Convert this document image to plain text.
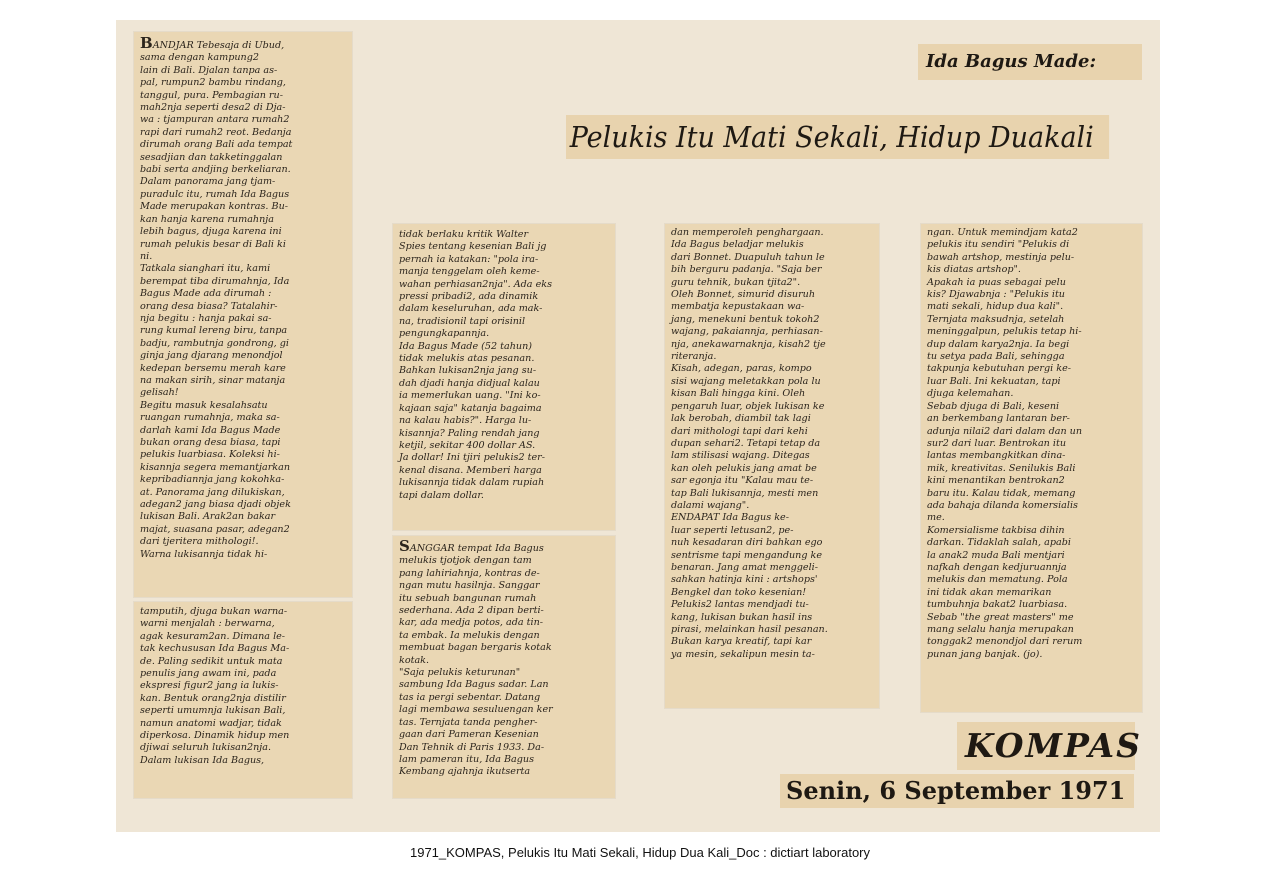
Ida Bagus Made:
Pelukis Itu Mati Sekali, Hidup Duakali
BANDJAR Tebesaja di Ubud,
sama dengan kampung2
lain di Bali. Djalan tanpa as-
pal, rumpun2 bambu rindang,
tanggul, pura. Pembagian ru-
mah2nja seperti desa2 di Dja-
wa : tjampuran antara rumah2
rapi dari rumah2 reot. Bedanja
dirumah orang Bali ada tempat
sesadjian dan takketinggalan
babi serta andjing berkeliaran.
Dalam panorama jang tjam-
puradulc itu, rumah Ida Bagus
Made merupakan kontras. Bu-
kan hanja karena rumahnja
lebih bagus, djuga karena ini
rumah pelukis besar di Bali ki
ni.
Tatkala sianghari itu, kami
berempat tiba dirumahnja, Ida
Bagus Made ada dirumah :
orang desa biasa? Tatalahir-
nja begitu : hanja pakai sa-
rung kumal lereng biru, tanpa
badju, rambutnja gondrong, gi
ginja jang djarang menondjol
kedepan bersemu merah kare
na makan sirih, sinar matanja
gelisah!
Begitu masuk kesalahsatu
ruangan rumahnja, maka sa-
darlah kami Ida Bagus Made
bukan orang desa biasa, tapi
pelukis luarbiasa. Koleksi hi-
kisannja segera memantjarkan
kepribadiannja jang kokohka-
at. Panorama jang dilukiskan,
adegan2 jang biasa djadi objek
lukisan Bali. Arak2an bakar
majat, suasana pasar, adegan2
dari tjeritera mithologi!.
Warna lukisannja tidak hi-
tamputih, djuga bukan warna-
warni menjalah : berwarna,
agak kesuram2an. Dimana le-
tak kechususan Ida Bagus Ma-
de. Paling sedikit untuk mata
penulis jang awam ini, pada
ekspresi figur2 jang ia lukis-
kan. Bentuk orang2nja distilir
seperti umumnja lukisan Bali,
namun anatomi wadjar, tidak
diperkosa. Dinamik hidup men
djiwai seluruh lukisan2nja.
Dalam lukisan Ida Bagus,
tidak berlaku kritik Walter
Spies tentang kesenian Bali jg
pernah ia katakan: "pola ira-
manja tenggelam oleh keme-
wahan perhiasan2nja". Ada eks
pressi pribadi2, ada dinamik
dalam keseluruhan, ada mak-
na, tradisionil tapi orisinil
pengungkapannja.
Ida Bagus Made (52 tahun)
tidak melukis atas pesanan.
Bahkan lukisan2nja jang su-
dah djadi hanja didjual kalau
ia memerlukan uang. "Ini ko-
kajaan saja" katanja bagaima
na kalau habis?". Harga lu-
kisannja? Paling rendah jang
ketjil, sekitar 400 dollar AS.
Ja dollar! Ini tjiri pelukis2 ter-
kenal disana. Memberi harga
lukisannja tidak dalam rupiah
tapi dalam dollar.
SANGGAR tempat Ida Bagus
melukis tjotjok dengan tam
pang lahiriahnja, kontras de-
ngan mutu hasilnja. Sanggar
itu sebuah bangunan rumah
sederhana. Ada 2 dipan berti-
kar, ada medja potos, ada tin-
ta embak. Ia melukis dengan
membuat bagan bergaris kotak
kotak.
"Saja pelukis keturunan"
sambung Ida Bagus sadar. Lan
tas ia pergi sebentar. Datang
lagi membawa sesuluengan ker
tas. Ternjata tanda pengher-
gaan dari Pameran Kesenian
Dan Tehnik di Paris 1933. Da-
lam pameran itu, Ida Bagus
Kembang ajahnja ikutserta
dan memperoleh penghargaan.
Ida Bagus beladjar melukis
dari Bonnet. Duapuluh tahun le
bih berguru padanja. "Saja ber
guru tehnik, bukan tjita2".
Oleh Bonnet, simurid disuruh
membatja kepustakaan wa-
jang, menekuni bentuk tokoh2
wajang, pakaiannja, perhiasan-
nja, anekawarnaknja, kisah2 tje
riteranja.
Kisah, adegan, paras, kompo
sisi wajang meletakkan pola lu
kisan Bali hingga kini. Oleh
pengaruh luar, objek lukisan ke
lak berobah, diambil tak lagi
dari mithologi tapi dari kehi
dupan sehari2. Tetapi tetap da
lam stilisasi wajang. Ditegas
kan oleh pelukis jang amat be
sar egonja itu "Kalau mau te-
tap Bali lukisannja, mesti men
dalami wajang".
ENDAPAT Ida Bagus ke-
luar seperti letusan2, pe-
nuh kesadaran diri bahkan ego
sentrisme tapi mengandung ke
benaran. Jang amat menggeli-
sahkan hatinja kini : artshops'
Bengkel dan toko kesenian!
Pelukis2 lantas mendjadi tu-
kang, lukisan bukan hasil ins
pirasi, melainkan hasil pesanan.
Bukan karya kreatif, tapi kar
ya mesin, sekalipun mesin ta-
ngan. Untuk memindjam kata2
pelukis itu sendiri "Pelukis di
bawah artshop, mestinja pelu-
kis diatas artshop".
Apakah ia puas sebagai pelu
kis? Djawabnja : "Pelukis itu
mati sekali, hidup dua kali".
Ternjata maksudnja, setelah
meninggalpun, pelukis tetap hi-
dup dalam karya2nja. Ia begi
tu setya pada Bali, sehingga
takpunja kebutuhan pergi ke-
luar Bali. Ini kekuatan, tapi
djuga kelemahan.
Sebab djuga di Bali, keseni
an berkembang lantaran ber-
adunja nilai2 dari dalam dan un
sur2 dari luar. Bentrokan itu
lantas membangkitkan dina-
mik, kreativitas. Senilukis Bali
kini menantikan bentrokan2
baru itu. Kalau tidak, memang
ada bahaja dilanda komersialis
me.
Komersialisme takbisa dihin
darkan. Tidaklah salah, apabi
la anak2 muda Bali mentjari
nafkah dengan kedjuruannja
melukis dan mematung. Pola
ini tidak akan memarikan
tumbuhnja bakat2 luarbiasa.
Sebab "the great masters" me
mang selalu hanja merupakan
tonggak2 menondjol dari rerum
punan jang banjak. (jo).
KOMPAS
Senin, 6 September 1971
1971_KOMPAS, Pelukis Itu Mati Sekali, Hidup Dua Kali_Doc : dictiart laboratory
